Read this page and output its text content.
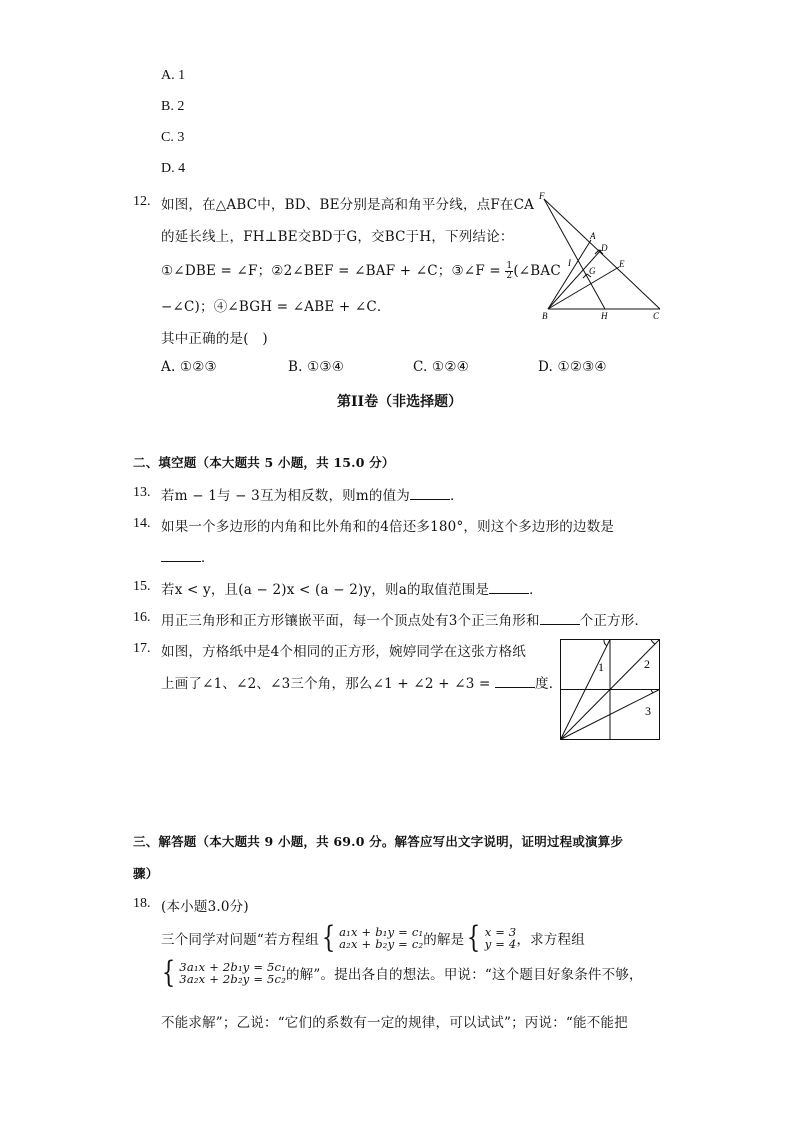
A. 1
B. 2
C. 3
D. 4
12. 如图，在△ABC中，BD、BE分别是高和角平分线，点F在CA
的延长线上，FH⊥BE交BD于G，交BC于H，下列结论：
①∠DBE = ∠F；②2∠BEF = ∠BAF + ∠C；③∠F = $\frac{1}{2}$ (∠BAC
−∠C)；④∠BGH = ∠ABE + ∠C．
其中正确的是(　)
A. ①②③	B. ①③④	C. ①②④	D. ①②③④
F
A
D
E
I
G
B	H	C
第II卷（非选择题）
二、填空题（本大题共 5 小题，共 15.0 分）
13. 若m − 1与 − 3互为相反数，则m的值为	．
14. 如果一个多边形的内角和比外角和的4倍还多180°，则这个多边形的边数是
．
15. 若x < y，且(a − 2)x < (a − 2)y，则a的取值范围是	．
16. 用正三角形和正方形镶嵌平面，每一个顶点处有3个正三角形和	个正方形．
17. 如图，方格纸中是4个相同的正方形，婉婷同学在这张方格纸
上画了∠1、∠2、∠3三个角，那么∠1 + ∠2 + ∠3 =	度．
1	2
3
三、解答题（本大题共 9 小题，共 69.0 分。解答应写出文字说明，证明过程或演算步
骤）
18. (本小题3.0分)
三个同学对问题“若方程组 { a₁x + b₁y = c₁
a₂x + b₂y = c₂ 的解是 { x = 3
y = 4 ，求方程组
{ 3a₁x + 2b₁y = 5c₁
3a₂x + 2b₂y = 5c₂ 的解”。提出各自的想法。甲说：“这个题目好象条件不够，
不能求解”；乙说：“它们的系数有一定的规律，可以试试”；丙说：“能不能把
